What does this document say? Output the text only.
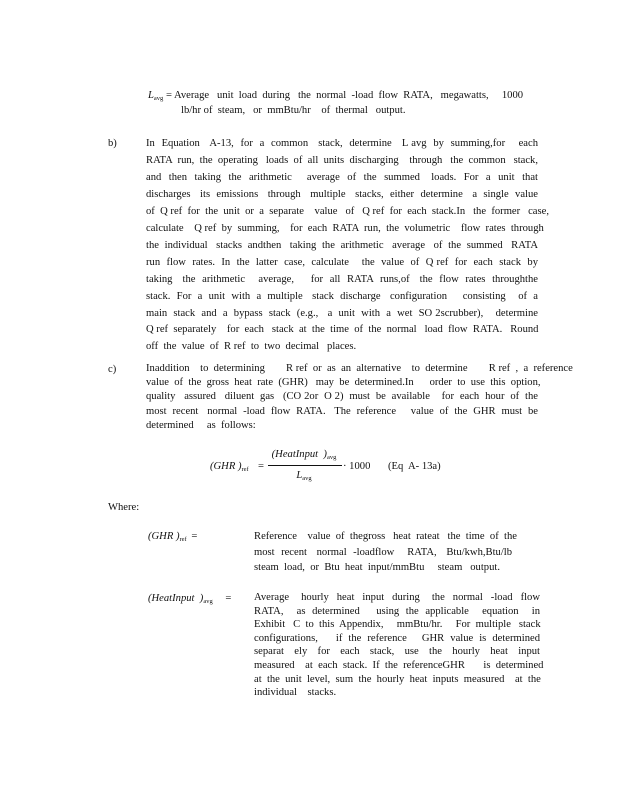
$L_{avg}$ = Average   unit  load  during   the  normal  -load  flow  RATA,   megawatts,     1000
lb/hr of  steam,   or  mmBtu/hr    of  thermal   output.
b)	In  Equation   A-13,  for  a  common   stack,  determine   L avg  by  summing,for    each
RATA  run,  the  operating   loads  of  all  units  discharging    through   the  common   stack,
and  then  taking  the  arithmetic    average  of  the  summed   loads.  For  a  unit  that
discharges   its  emissions   through   multiple   stacks,  either  determine   a  single  value
of  Q ref  for  the  unit  or  a  separate    value   of   Q ref  for  each  stack.In   the  former   case,
calculate    Q ref  by  summing,    for  each  RATA  run,  the  volumetric    flow  rates  through
the  individual   stacks  andthen   taking  the  arithmetic   average   of  the  summed   RATA
run  flow  rates.  In  the  latter  case,  calculate    the  value  of  Q ref  for  each  stack  by
taking   the  arithmetic    average,     for  all  RATA  runs,of   the  flow  rates  throughthe
stack.  For  a  unit  with  a  multiple   stack  discharge   configuration     consisting    of  a
main  stack  and  a  bypass  stack  (e.g.,   a  unit  with  a  wet  SO 2scrubber),    determine
Q ref  separately    for  each   stack  at  the  time  of  the  normal   load  flow  RATA.   Round
off  the  value  of  R ref  to  two  decimal   places.
c)	Inaddition    to  determining        R ref  or  as  an  alternative    to  determine        R ref  ,  a  reference
value  of  the  gross  heat  rate  (GHR)   may  be  determined.In      order  to  use  this  option,
quality   assured   diluent  gas   (CO 2or  O 2)  must  be  available    for  each  hour  of  the
most  recent   normal  -load  flow  RATA.   The  reference     value  of  the  GHR  must  be
determined     as  follows:
(GHR )$_{ref}$ =
(HeatInput  )$_{avg}$
$L_{avg}$
· 1000 (Eq  A- 13a)
Where:
(GHR )$_{ref}$ =	Reference    value  of  thegross   heat  rateat   the  time  of  the
most  recent   normal  -loadflow    RATA,   Btu/kwh,Btu/lb
steam  load,  or  Btu  heat  input/mmBtu     steam   output.
(HeatInput  )$_{avg}$ = Average   hourly  heat  input  during   the  normal  -load  flow
RATA,    as  determined     using  the  applicable    equation    in
Exhibit   C  to  this  Appendix,     mmBtu/hr.     For  multiple   stack
configurations,      if  the  reference     GHR  value  is  determined
separat  ely  for  each  stack,  use  the  hourly  heat  input
measured    at  each  stack.  If  the  referenceGHR       is  determined
at  the  unit  level,  sum  the  hourly  heat  inputs  measured    at  the
individual    stacks.
